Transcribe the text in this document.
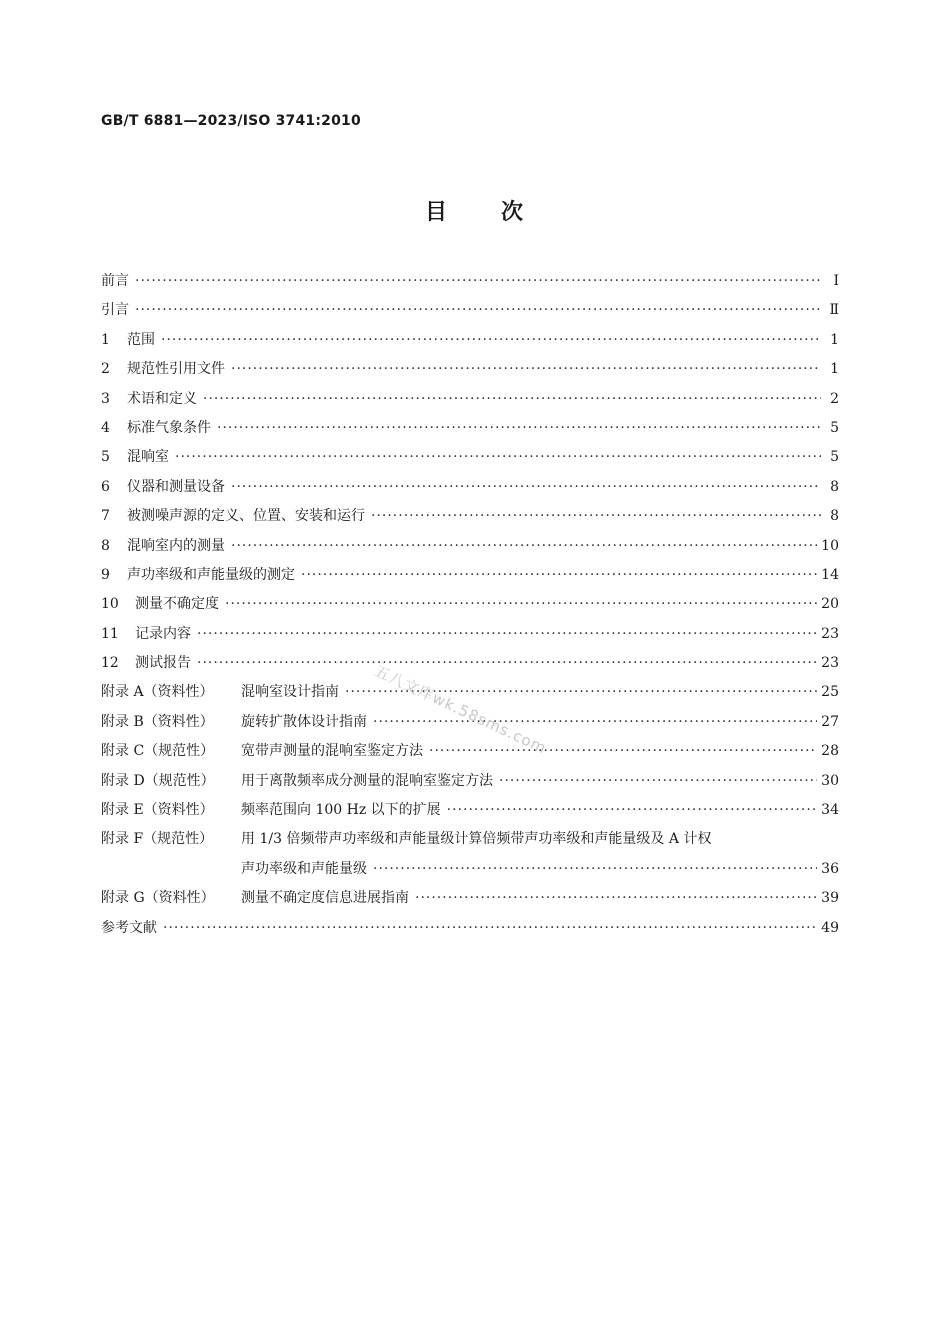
GB/T 6881—2023/ISO 3741:2010
目 次
前言 ·····	Ⅰ
引言 ·····	Ⅱ
1	范围 ·····	1
2	规范性引用文件 ·····	1
3	术语和定义 ·····	2
4	标准气象条件 ·····	5
5	混响室 ·····	5
6	仪器和测量设备 ·····	8
7	被测噪声源的定义、位置、安装和运行 ·····	8
8	混响室内的测量 ·····	10
9	声功率级和声能量级的测定 ·····	14
10	测量不确定度 ·····	20
11	记录内容 ·····	23
12	测试报告 ·····	23
附录 A（资料性）	混响室设计指南 ·····	25
附录 B（资料性）	旋转扩散体设计指南 ·····	27
附录 C（规范性）	宽带声测量的混响室鉴定方法 ·····	28
附录 D（规范性）	用于离散频率成分测量的混响室鉴定方法 ·····	30
附录 E（资料性）	频率范围向 100 Hz 以下的扩展 ·····	34
附录 F（规范性）	用 1/3 倍频带声功率级和声能量级计算倍频带声功率级和声能量级及 A 计权
声功率级和声能量级 ·····	36
附录 G（资料性）	测量不确定度信息进展指南 ·····	39
参考文献 ·····	49
五八文库wk.58sms.com
